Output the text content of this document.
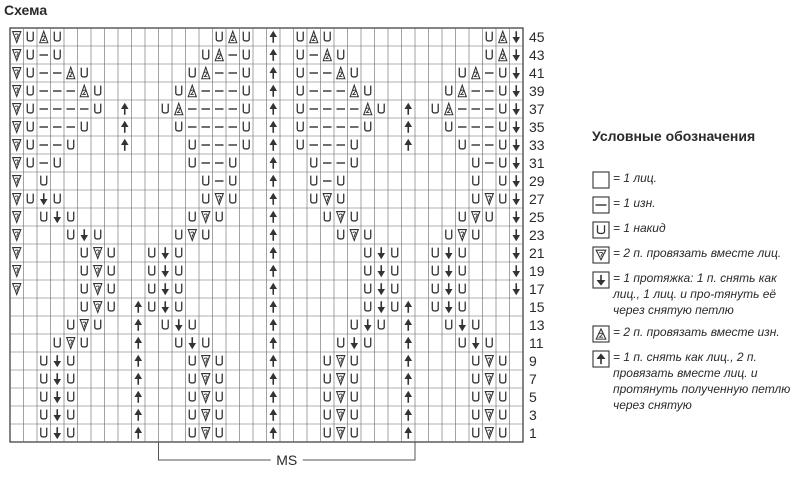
Схема
45
43
41
39
37
35
33
31
29
27
25
23
21
19
17
15
13
11
9
7
5
3
1
MS
Условные обозначения
= 1 лиц.
= 1 изн.
= 1 накид
= 2 п. провязать вместе лиц.
= 1 протяжка: 1 п. снять как лиц., 1 лиц. и про-тянуть её через снятую петлю
= 2 п. провязать вместе изн.
= 1 п. снять как лиц., 2 п. провязать вместе лиц. и протянуть полученную петлю через снятую
